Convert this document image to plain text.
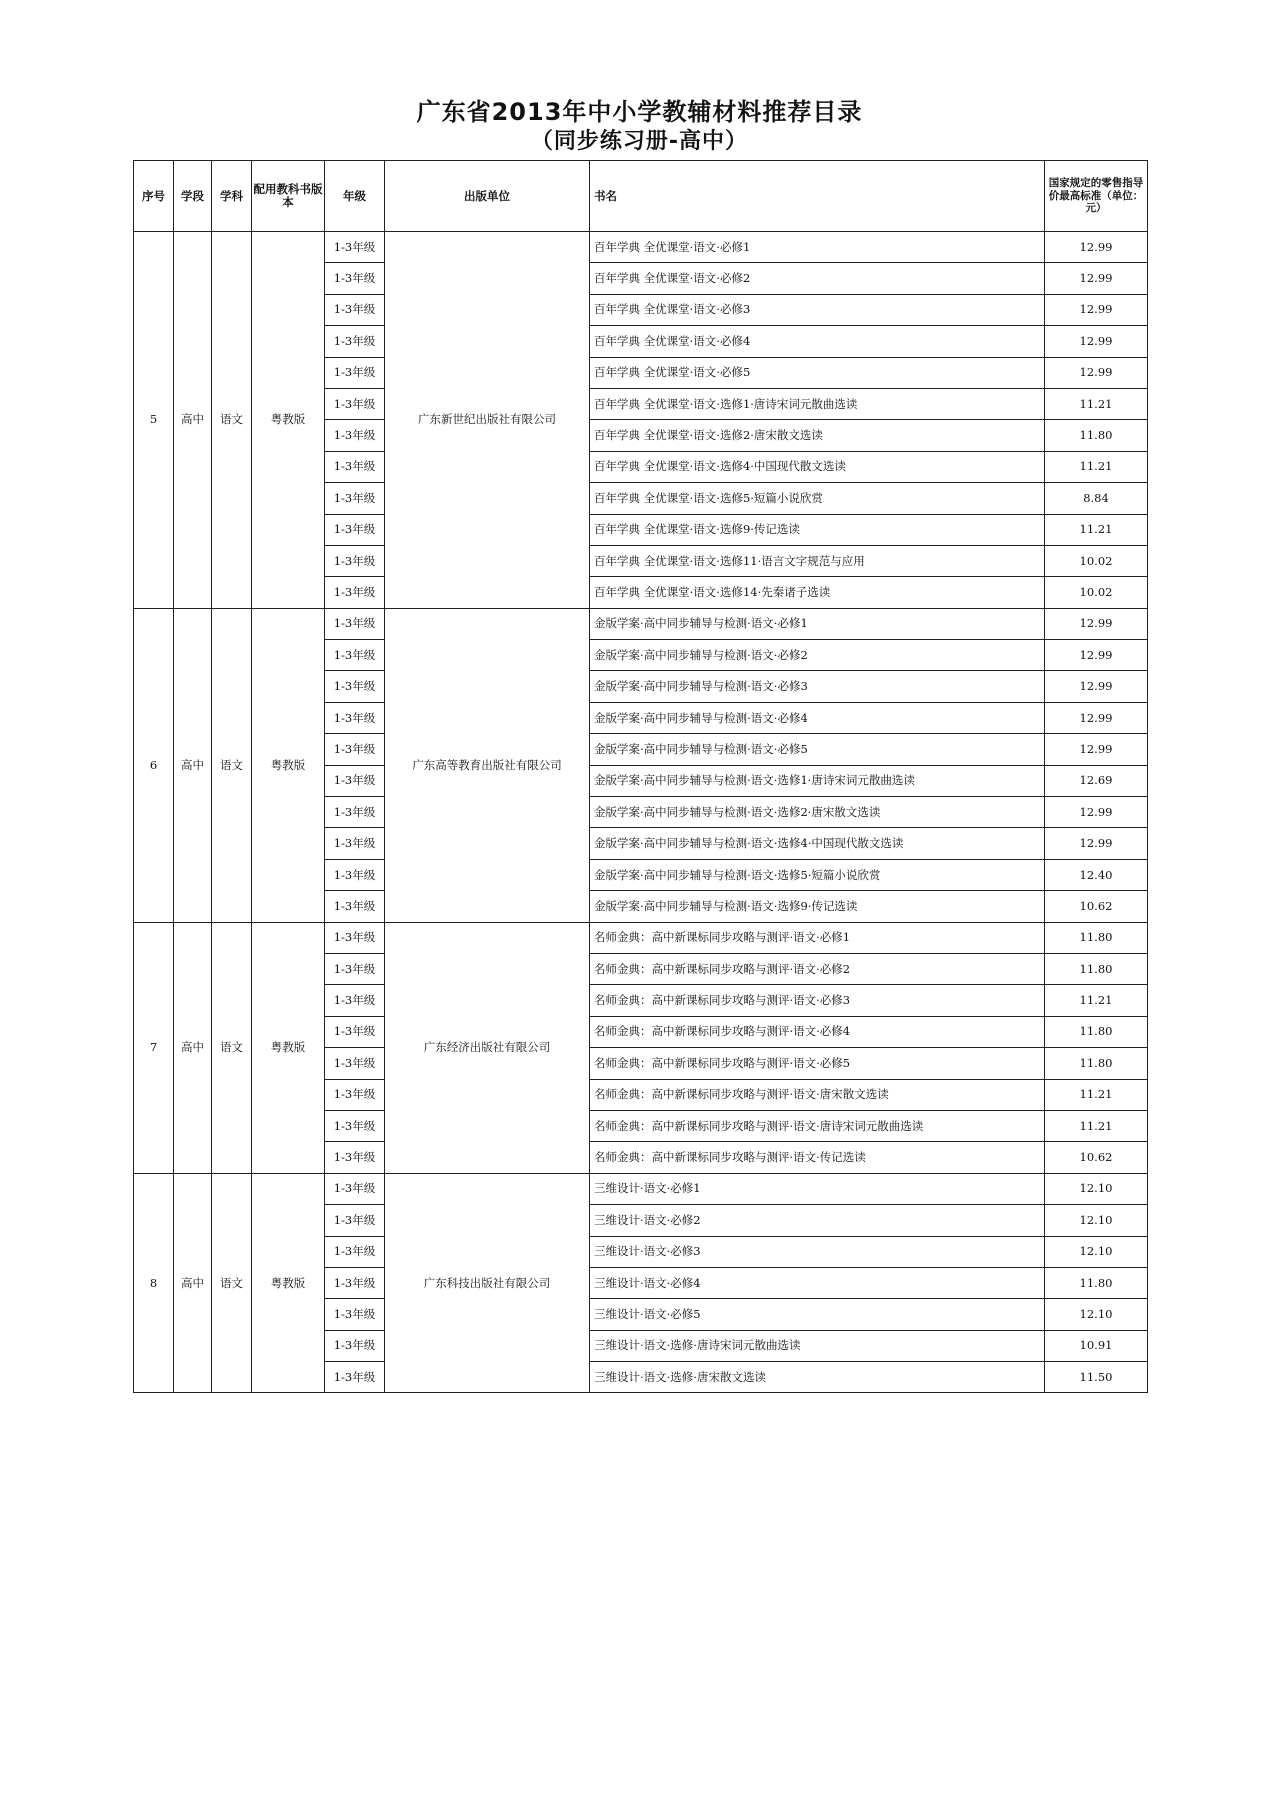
广东省2013年中小学教辅材料推荐目录
（同步练习册-高中）
序号	学段	学科	配用教科书版本	年级	出版单位	书名	国家规定的零售指导价最高标准（单位：元）
5	高中	语文	粤教版	1-3年级	广东新世纪出版社有限公司	百年学典 全优课堂·语文·必修1	12.99
				1-3年级		百年学典 全优课堂·语文·必修2	12.99
				1-3年级		百年学典 全优课堂·语文·必修3	12.99
				1-3年级		百年学典 全优课堂·语文·必修4	12.99
				1-3年级		百年学典 全优课堂·语文·必修5	12.99
				1-3年级		百年学典 全优课堂·语文·选修1·唐诗宋词元散曲选读	11.21
				1-3年级		百年学典 全优课堂·语文·选修2·唐宋散文选读	11.80
				1-3年级		百年学典 全优课堂·语文·选修4·中国现代散文选读	11.21
				1-3年级		百年学典 全优课堂·语文·选修5·短篇小说欣赏	8.84
				1-3年级		百年学典 全优课堂·语文·选修9·传记选读	11.21
				1-3年级		百年学典 全优课堂·语文·选修11·语言文字规范与应用	10.02
				1-3年级		百年学典 全优课堂·语文·选修14·先秦诸子选读	10.02
6	高中	语文	粤教版	1-3年级	广东高等教育出版社有限公司	金版学案·高中同步辅导与检测·语文·必修1	12.99
				1-3年级		金版学案·高中同步辅导与检测·语文·必修2	12.99
				1-3年级		金版学案·高中同步辅导与检测·语文·必修3	12.99
				1-3年级		金版学案·高中同步辅导与检测·语文·必修4	12.99
				1-3年级		金版学案·高中同步辅导与检测·语文·必修5	12.99
				1-3年级		金版学案·高中同步辅导与检测·语文·选修1·唐诗宋词元散曲选读	12.69
				1-3年级		金版学案·高中同步辅导与检测·语文·选修2·唐宋散文选读	12.99
				1-3年级		金版学案·高中同步辅导与检测·语文·选修4·中国现代散文选读	12.99
				1-3年级		金版学案·高中同步辅导与检测·语文·选修5·短篇小说欣赏	12.40
				1-3年级		金版学案·高中同步辅导与检测·语文·选修9·传记选读	10.62
7	高中	语文	粤教版	1-3年级	广东经济出版社有限公司	名师金典：高中新课标同步攻略与测评·语文·必修1	11.80
				1-3年级		名师金典：高中新课标同步攻略与测评·语文·必修2	11.80
				1-3年级		名师金典：高中新课标同步攻略与测评·语文·必修3	11.21
				1-3年级		名师金典：高中新课标同步攻略与测评·语文·必修4	11.80
				1-3年级		名师金典：高中新课标同步攻略与测评·语文·必修5	11.80
				1-3年级		名师金典：高中新课标同步攻略与测评·语文·唐宋散文选读	11.21
				1-3年级		名师金典：高中新课标同步攻略与测评·语文·唐诗宋词元散曲选读	11.21
				1-3年级		名师金典：高中新课标同步攻略与测评·语文·传记选读	10.62
8	高中	语文	粤教版	1-3年级	广东科技出版社有限公司	三维设计·语文·必修1	12.10
				1-3年级		三维设计·语文·必修2	12.10
				1-3年级		三维设计·语文·必修3	12.10
				1-3年级		三维设计·语文·必修4	11.80
				1-3年级		三维设计·语文·必修5	12.10
				1-3年级		三维设计·语文·选修·唐诗宋词元散曲选读	10.91
				1-3年级		三维设计·语文·选修·唐宋散文选读	11.50
